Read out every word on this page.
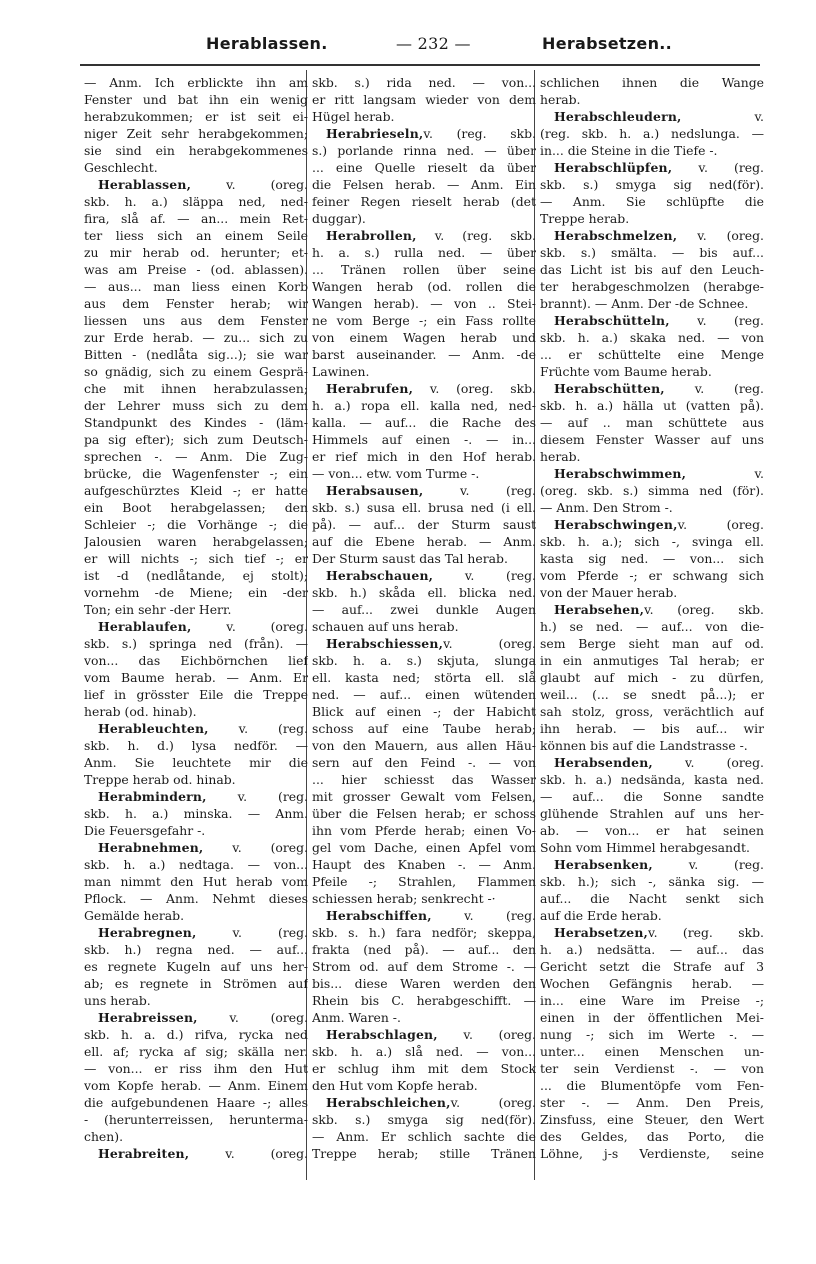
Herablassen.	— 232 —	Herabsetzen..
— Anm. Ich erblickte ihn am
Fenster und bat ihn ein wenig
herabzukommen; er ist seit ei-
niger Zeit sehr herabgekommen;
sie sind ein herabgekommenes
Geschlecht.
Herablassen, v. (oreg.
skb. h. a.) släppa ned, ned-
fira, slå af. — an... mein Ret-
ter liess sich an einem Seile
zu mir herab od. herunter; et-
was am Preise - (od. ablassen).
— aus... man liess einen Korb
aus dem Fenster herab; wir
liessen uns aus dem Fenster
zur Erde herab. — zu... sich zu
Bitten - (nedlåta sig...); sie war
so gnädig, sich zu einem Gesprä-
che mit ihnen herabzulassen;
der Lehrer muss sich zu dem
Standpunkt des Kindes - (läm-
pa sig efter); sich zum Deutsch-
sprechen -. — Anm. Die Zug-
brücke, die Wagenfenster -; ein
aufgeschürztes Kleid -; er hatte
ein Boot herabgelassen; den
Schleier -; die Vorhänge -; die
Jalousien waren herabgelassen;
er will nichts -; sich tief -; er
ist -d (nedlåtande, ej stolt);
vornehm -de Miene; ein -der
Ton; ein sehr -der Herr.
Herablaufen, v. (oreg.
skb. s.) springa ned (från). —
von... das Eichbörnchen lief
vom Baume herab. — Anm. Er
lief in grösster Eile die Treppe
herab (od. hinab).
Herableuchten, v. (reg.
skb. h. d.) lysa nedför. —
Anm. Sie leuchtete mir die
Treppe herab od. hinab.
Herabmindern, v. (reg.
skb. h. a.) minska. — Anm.
Die Feuersgefahr -.
Herabnehmen, v. (oreg.
skb. h. a.) nedtaga. — von...
man nimmt den Hut herab vom
Pflock. — Anm. Nehmt dieses
Gemälde herab.
Herabregnen, v. (reg.
skb. h.) regna ned. — auf...
es regnete Kugeln auf uns her-
ab; es regnete in Strömen auf
uns herab.
Herabreissen, v. (oreg.
skb. h. a. d.) rifva, rycka ned
ell. af; rycka af sig; skälla ner.
— von... er riss ihm den Hut
vom Kopfe herab. — Anm. Einem
die aufgebundenen Haare -; alles
- (herunterreissen, herunterma-
chen).
Herabreiten, v. (oreg.
skb. s.) rida ned. — von...
er ritt langsam wieder von dem
Hügel herab.
Herabrieseln,v. (reg. skb.
s.) porlande rinna ned. — über
... eine Quelle rieselt da über
die Felsen herab. — Anm. Ein
feiner Regen rieselt herab (det
duggar).
Herabrollen, v. (reg. skb.
h. a. s.) rulla ned. — über
... Tränen rollen über seine
Wangen herab (od. rollen die
Wangen herab). — von .. Stei-
ne vom Berge -; ein Fass rollte
von einem Wagen herab und
barst auseinander. — Anm. -de
Lawinen.
Herabrufen, v. (oreg. skb.
h. a.) ropa ell. kalla ned, ned-
kalla. — auf... die Rache des
Himmels auf einen -. — in...
er rief mich in den Hof herab.
— von... etw. vom Turme -.
Herabsausen, v. (reg.
skb. s.) susa ell. brusa ned (i ell.
på). — auf... der Sturm saust
auf die Ebene herab. — Anm.
Der Sturm saust das Tal herab.
Herabschauen, v. (reg.
skb. h.) skåda ell. blicka ned.
— auf... zwei dunkle Augen
schauen auf uns herab.
Herabschiessen,v. (oreg.
skb. h. a. s.) skjuta, slunga
ell. kasta ned; störta ell. slå
ned. — auf... einen wütenden
Blick auf einen -; der Habicht
schoss auf eine Taube herab;
von den Mauern, aus allen Häu-
sern auf den Feind -. — von
... hier schiesst das Wasser
mit grosser Gewalt vom Felsen,
über die Felsen herab; er schoss
ihn vom Pferde herab; einen Vo-
gel vom Dache, einen Apfel vom
Haupt des Knaben -. — Anm.
Pfeile -; Strahlen, Flammen
schiessen herab; senkrecht -·
Herabschiffen, v. (reg.
skb. s. h.) fara nedför; skeppa,
frakta (ned på). — auf... den
Strom od. auf dem Strome -. —
bis... diese Waren werden den
Rhein bis C. herabgeschifft. —
Anm. Waren -.
Herabschlagen, v. (oreg.
skb. h. a.) slå ned. — von...
er schlug ihm mit dem Stock
den Hut vom Kopfe herab.
Herabschleichen,v. (oreg.
skb. s.) smyga sig ned(för).
— Anm. Er schlich sachte die
Treppe herab; stille Tränen
schlichen ihnen die Wange
herab.
Herabschleudern, v.
(reg. skb. h. a.) nedslunga. —
in... die Steine in die Tiefe -.
Herabschlüpfen, v. (reg.
skb. s.) smyga sig ned(för).
— Anm. Sie schlüpfte die
Treppe herab.
Herabschmelzen, v. (oreg.
skb. s.) smälta. — bis auf...
das Licht ist bis auf den Leuch-
ter herabgeschmolzen (herabge-
brannt). — Anm. Der -de Schnee.
Herabschütteln, v. (reg.
skb. h. a.) skaka ned. — von
... er schüttelte eine Menge
Früchte vom Baume herab.
Herabschütten, v. (reg.
skb. h. a.) hälla ut (vatten på).
— auf .. man schüttete aus
diesem Fenster Wasser auf uns
herab.
Herabschwimmen, v.
(oreg. skb. s.) simma ned (för).
— Anm. Den Strom -.
Herabschwingen,v. (oreg.
skb. h. a.); sich -, svinga ell.
kasta sig ned. — von... sich
vom Pferde -; er schwang sich
von der Mauer herab.
Herabsehen,v. (oreg. skb.
h.) se ned. — auf... von die-
sem Berge sieht man auf od.
in ein anmutiges Tal herab; er
glaubt auf mich - zu dürfen,
weil... (... se snedt på...); er
sah stolz, gross, verächtlich auf
ihn herab. — bis auf... wir
können bis auf die Landstrasse -.
Herabsenden, v. (oreg.
skb. h. a.) nedsända, kasta ned.
— auf... die Sonne sandte
glühende Strahlen auf uns her-
ab. — von... er hat seinen
Sohn vom Himmel herabgesandt.
Herabsenken, v. (reg.
skb. h.); sich -, sänka sig. —
auf... die Nacht senkt sich
auf die Erde herab.
Herabsetzen,v. (reg. skb.
h. a.) nedsätta. — auf... das
Gericht setzt die Strafe auf 3
Wochen Gefängnis herab. —
in... eine Ware im Preise -;
einen in der öffentlichen Mei-
nung -; sich im Werte -. —
unter... einen Menschen un-
ter sein Verdienst -. — von
... die Blumentöpfe vom Fen-
ster -. — Anm. Den Preis,
Zinsfuss, eine Steuer, den Wert
des Geldes, das Porto, die
Löhne, j-s Verdienste, seine
